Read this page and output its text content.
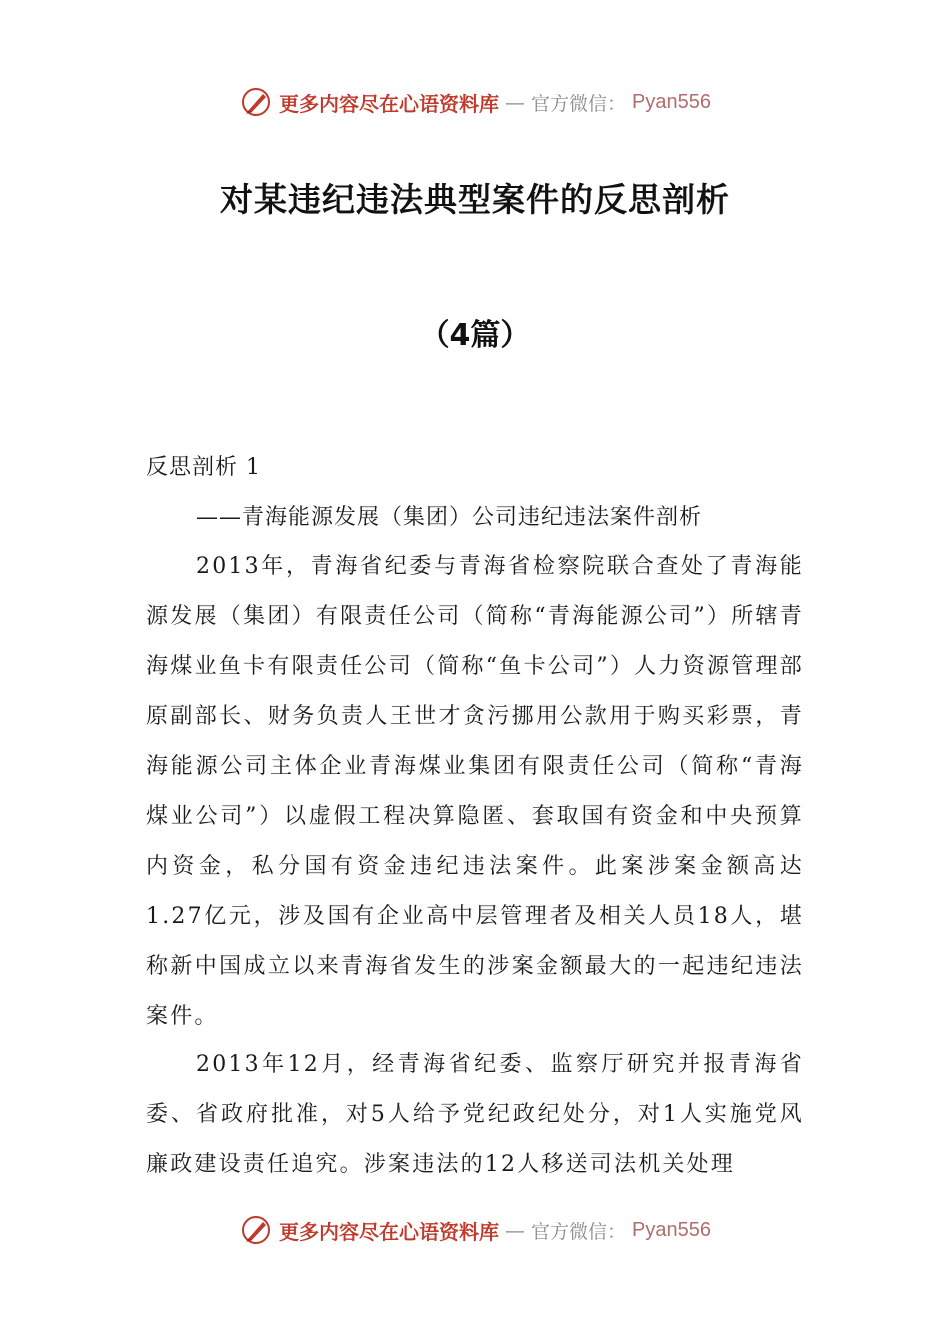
更多内容尽在心语资料库 — 官方微信： Pyan556
对某违纪违法典型案件的反思剖析
（4篇）

反思剖析 1

——青海能源发展（集团）公司违纪违法案件剖析

2013年，青海省纪委与青海省检察院联合查处了青海能源发展（集团）有限责任公司（简称“青海能源公司”）所辖青海煤业鱼卡有限责任公司（简称“鱼卡公司”）人力资源管理部原副部长、财务负责人王世才贪污挪用公款用于购买彩票，青海能源公司主体企业青海煤业集团有限责任公司（简称“青海煤业公司”）以虚假工程决算隐匿、套取国有资金和中央预算内资金，私分国有资金违纪违法案件。此案涉案金额高达1.27亿元，涉及国有企业高中层管理者及相关人员18人，堪称新中国成立以来青海省发生的涉案金额最大的一起违纪违法案件。

2013年12月，经青海省纪委、监察厅研究并报青海省委、省政府批准，对5人给予党纪政纪处分，对1人实施党风廉政建设责任追究。涉案违法的12人移送司法机关处理

更多内容尽在心语资料库 — 官方微信： Pyan556
